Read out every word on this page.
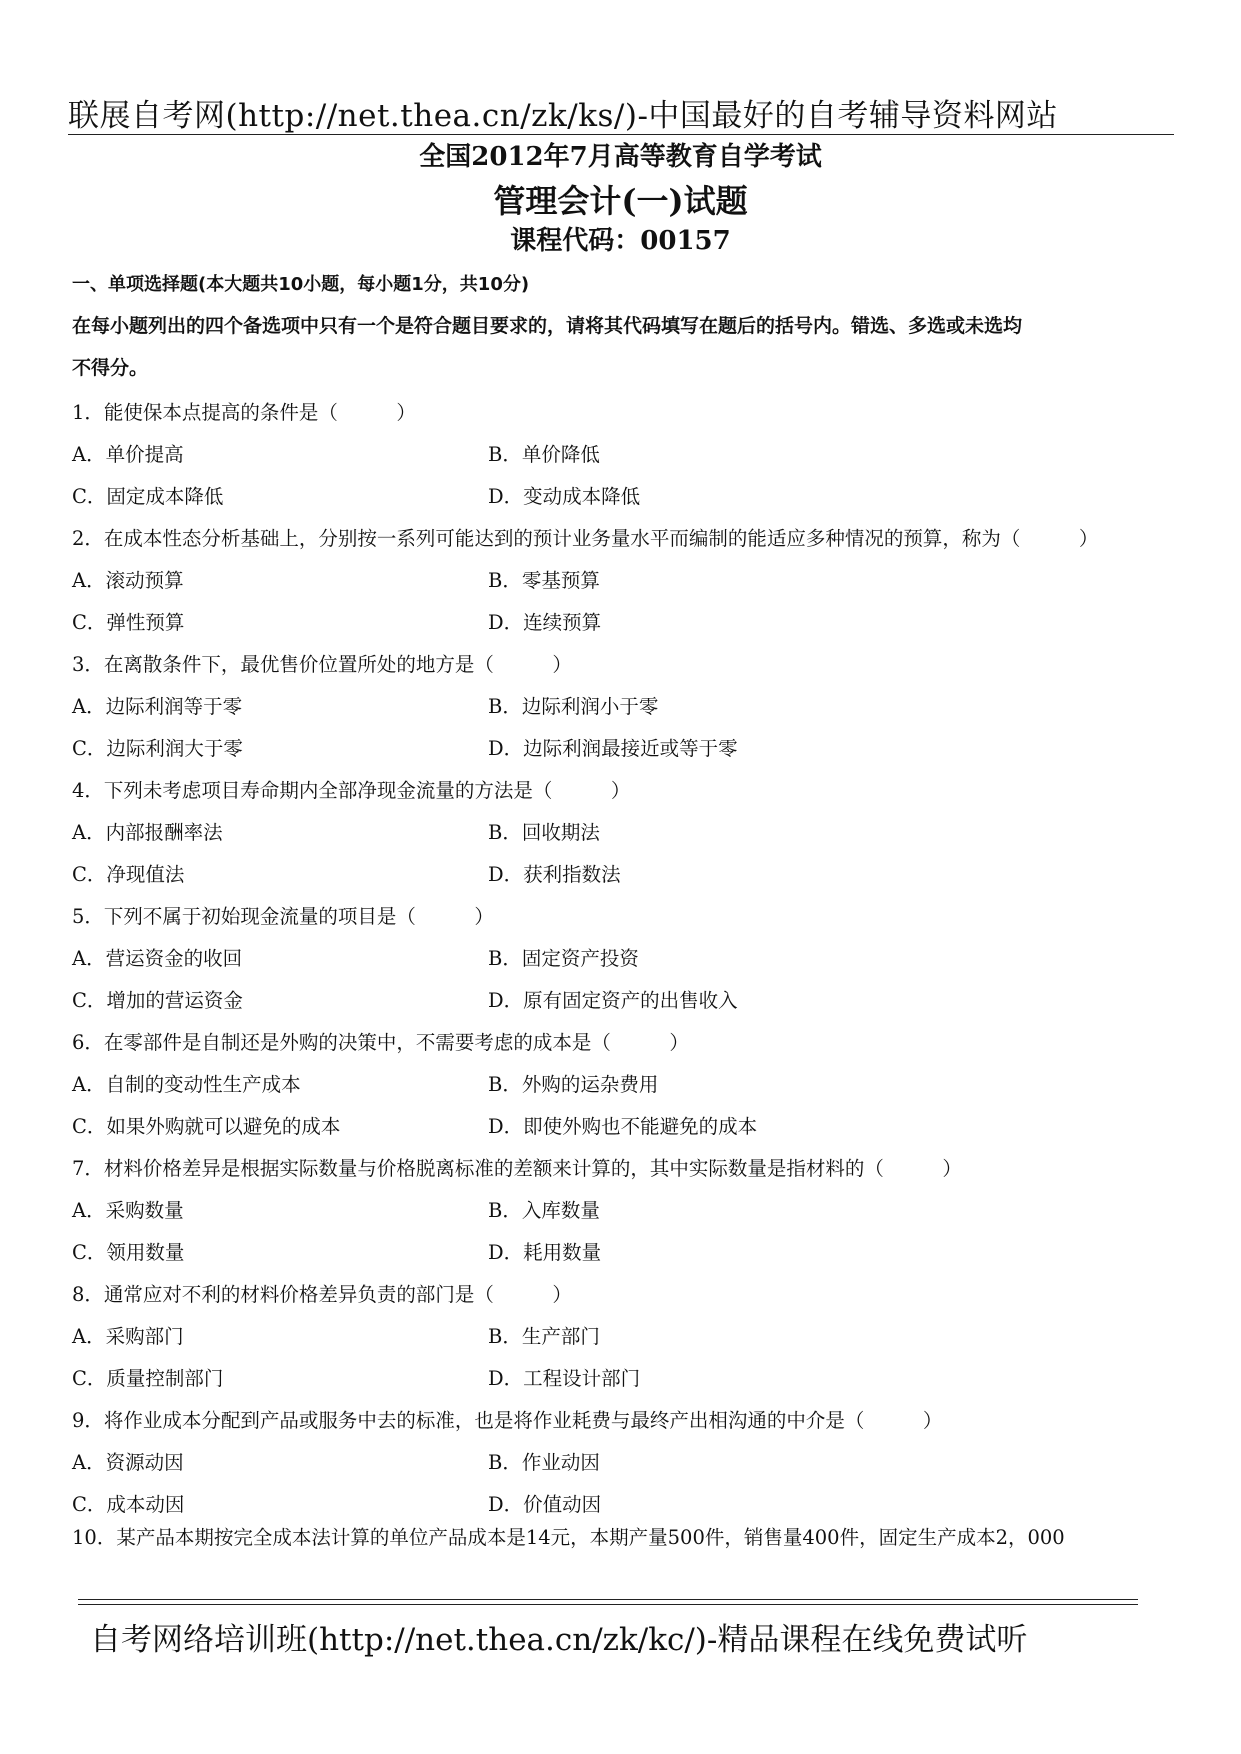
联展自考网(http://net.thea.cn/zk/ks/)-中国最好的自考辅导资料网站
全国2012年7月高等教育自学考试
管理会计(一)试题
课程代码：00157
一、单项选择题(本大题共10小题，每小题1分，共10分)
在每小题列出的四个备选项中只有一个是符合题目要求的，请将其代码填写在题后的括号内。错选、多选或未选均
不得分。
1．能使保本点提高的条件是（　　　）
A．单价提高	B．单价降低
C．固定成本降低	D．变动成本降低
2．在成本性态分析基础上，分别按一系列可能达到的预计业务量水平而编制的能适应多种情况的预算，称为（　　　）
A．滚动预算	B．零基预算
C．弹性预算	D．连续预算
3．在离散条件下，最优售价位置所处的地方是（　　　）
A．边际利润等于零	B．边际利润小于零
C．边际利润大于零	D．边际利润最接近或等于零
4．下列未考虑项目寿命期内全部净现金流量的方法是（　　　）
A．内部报酬率法	B．回收期法
C．净现值法	D．获利指数法
5．下列不属于初始现金流量的项目是（　　　）
A．营运资金的收回	B．固定资产投资
C．增加的营运资金	D．原有固定资产的出售收入
6．在零部件是自制还是外购的决策中，不需要考虑的成本是（　　　）
A．自制的变动性生产成本	B．外购的运杂费用
C．如果外购就可以避免的成本	D．即使外购也不能避免的成本
7．材料价格差异是根据实际数量与价格脱离标准的差额来计算的，其中实际数量是指材料的（　　　）
A．采购数量	B．入库数量
C．领用数量	D．耗用数量
8．通常应对不利的材料价格差异负责的部门是（　　　）
A．采购部门	B．生产部门
C．质量控制部门	D．工程设计部门
9．将作业成本分配到产品或服务中去的标准，也是将作业耗费与最终产出相沟通的中介是（　　　）
A．资源动因	B．作业动因
C．成本动因	D．价值动因
10．某产品本期按完全成本法计算的单位产品成本是14元，本期产量500件，销售量400件，固定生产成本2，000
自考网络培训班(http://net.thea.cn/zk/kc/)-精品课程在线免费试听
